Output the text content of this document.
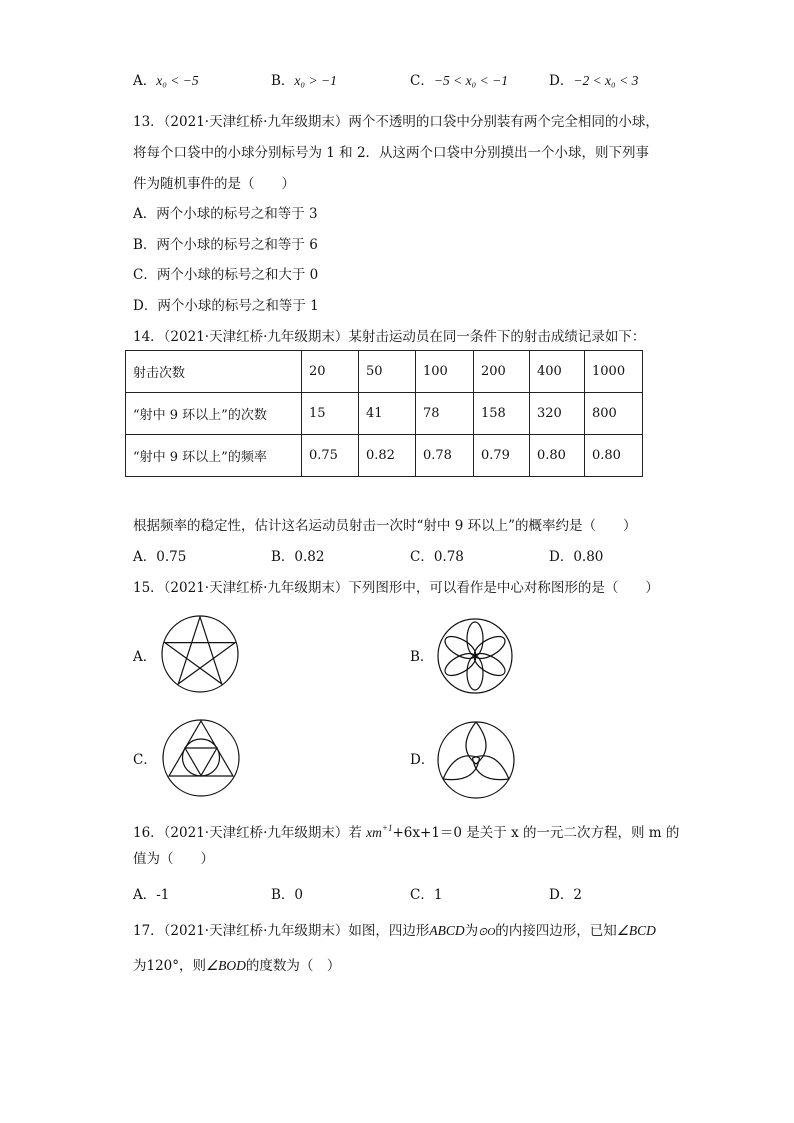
A．x₀ < −5	B．x₀ > −1	C．−5 < x₀ < −1	D．−2 < x₀ < 3
13．（2021·天津红桥·九年级期末）两个不透明的口袋中分别装有两个完全相同的小球，
将每个口袋中的小球分别标号为 1 和 2．从这两个口袋中分别摸出一个小球，则下列事
件为随机事件的是（　　）
A．两个小球的标号之和等于 3
B．两个小球的标号之和等于 6
C．两个小球的标号之和大于 0
D．两个小球的标号之和等于 1
14．（2021·天津红桥·九年级期末）某射击运动员在同一条件下的射击成绩记录如下：
射击次数	20	50	100	200	400	1000
“射中 9 环以上”的次数	15	41	78	158	320	800
“射中 9 环以上”的频率	0.75	0.82	0.78	0.79	0.80	0.80
根据频率的稳定性，估计这名运动员射击一次时“射中 9 环以上”的概率约是（　　）
A．0.75	B．0.82	C．0.78	D．0.80
15．（2021·天津红桥·九年级期末）下列图形中，可以看作是中心对称图形的是（　　）
A．	B．
C．	D．
16．（2021·天津红桥·九年级期末）若 $xm^{+1}+6x+1=0$ 是关于 x 的一元二次方程，则 m 的
值为（　　）
A．-1	B．0	C．1	D．2
17．（2021·天津红桥·九年级期末）如图，四边形ABCD为⊙O的内接四边形，已知∠BCD
为120°，则∠BOD的度数为（　）
